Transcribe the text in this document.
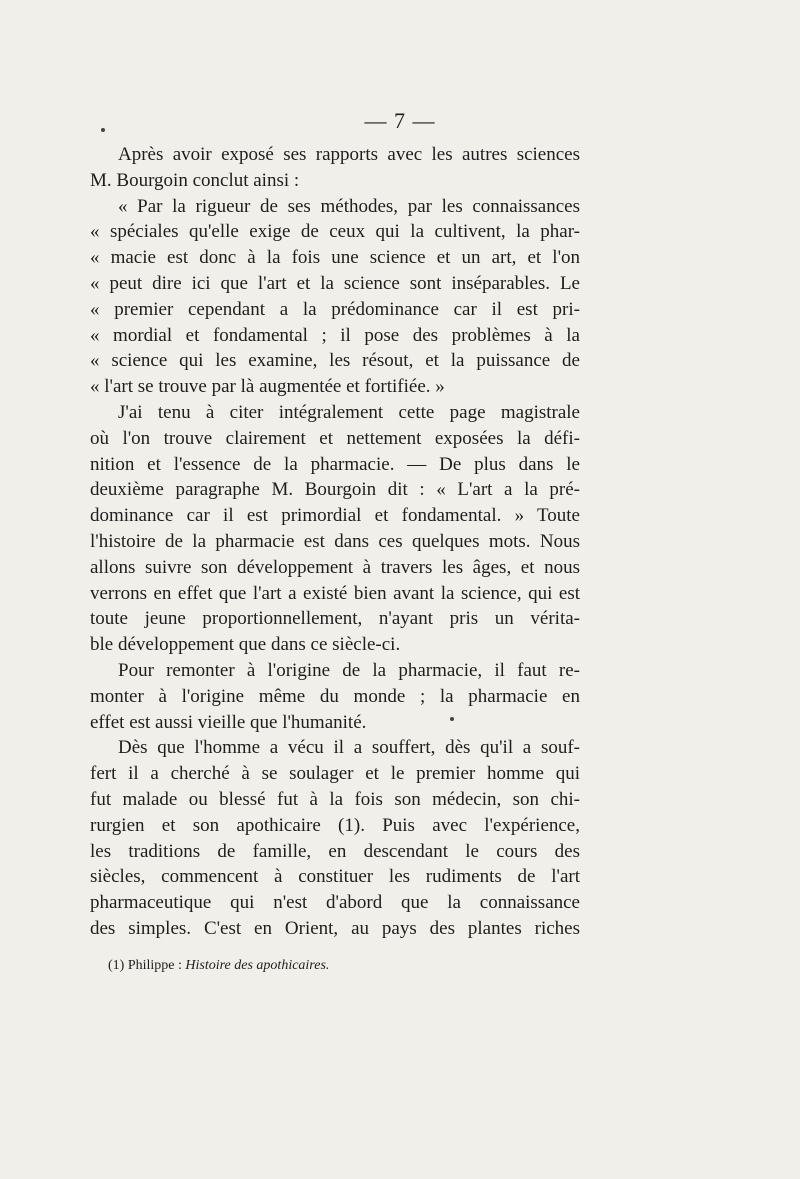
— 7 —
Après avoir exposé ses rapports avec les autres sciences
M. Bourgoin conclut ainsi :
« Par la rigueur de ses méthodes, par les connaissances
« spéciales qu'elle exige de ceux qui la cultivent, la phar-
« macie est donc à la fois une science et un art, et l'on
« peut dire ici que l'art et la science sont inséparables. Le
« premier cependant a la prédominance car il est pri-
« mordial et fondamental ; il pose des problèmes à la
« science qui les examine, les résout, et la puissance de
« l'art se trouve par là augmentée et fortifiée. »
J'ai tenu à citer intégralement cette page magistrale
où l'on trouve clairement et nettement exposées la défi-
nition et l'essence de la pharmacie. — De plus dans le
deuxième paragraphe M. Bourgoin dit : « L'art a la pré-
dominance car il est primordial et fondamental. » Toute
l'histoire de la pharmacie est dans ces quelques mots. Nous
allons suivre son développement à travers les âges, et nous
verrons en effet que l'art a existé bien avant la science, qui est
toute jeune proportionnellement, n'ayant pris un vérita-
ble développement que dans ce siècle-ci.
Pour remonter à l'origine de la pharmacie, il faut re-
monter à l'origine même du monde ; la pharmacie en
effet est aussi vieille que l'humanité.
Dès que l'homme a vécu il a souffert, dès qu'il a souf-
fert il a cherché à se soulager et le premier homme qui
fut malade ou blessé fut à la fois son médecin, son chi-
rurgien et son apothicaire (1). Puis avec l'expérience,
les traditions de famille, en descendant le cours des
siècles, commencent à constituer les rudiments de l'art
pharmaceutique qui n'est d'abord que la connaissance
des simples. C'est en Orient, au pays des plantes riches
(1) Philippe : Histoire des apothicaires.
